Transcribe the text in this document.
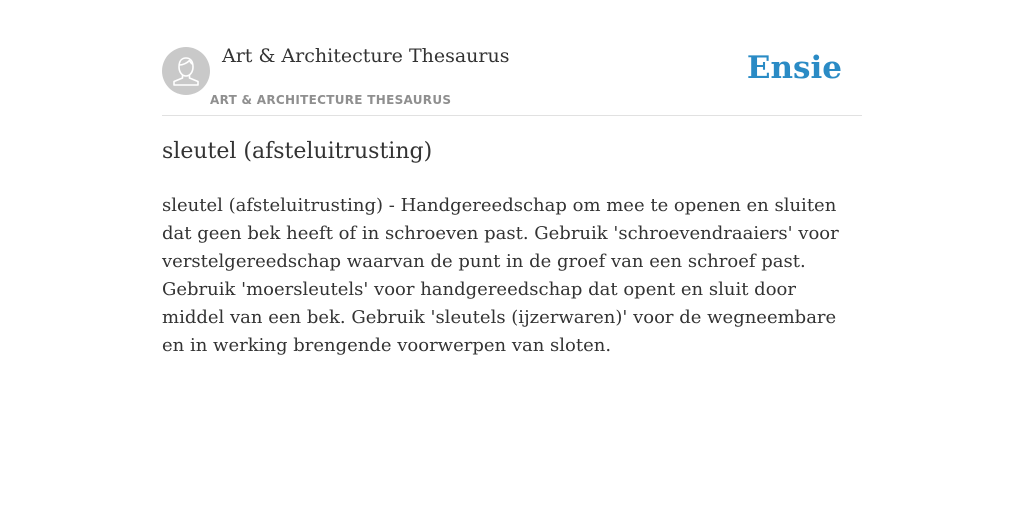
Art & Architecture Thesaurus
ART & ARCHITECTURE THESAURUS
Ensie
sleutel (afsteluitrusting)

sleutel (afsteluitrusting) - Handgereedschap om mee te openen en sluiten dat geen bek heeft of in schroeven past. Gebruik 'schroevendraaiers' voor verstelgereedschap waarvan de punt in de groef van een schroef past. Gebruik 'moersleutels' voor handgereedschap dat opent en sluit door middel van een bek. Gebruik 'sleutels (ijzerwaren)' voor de wegneembare en in werking brengende voorwerpen van sloten.
